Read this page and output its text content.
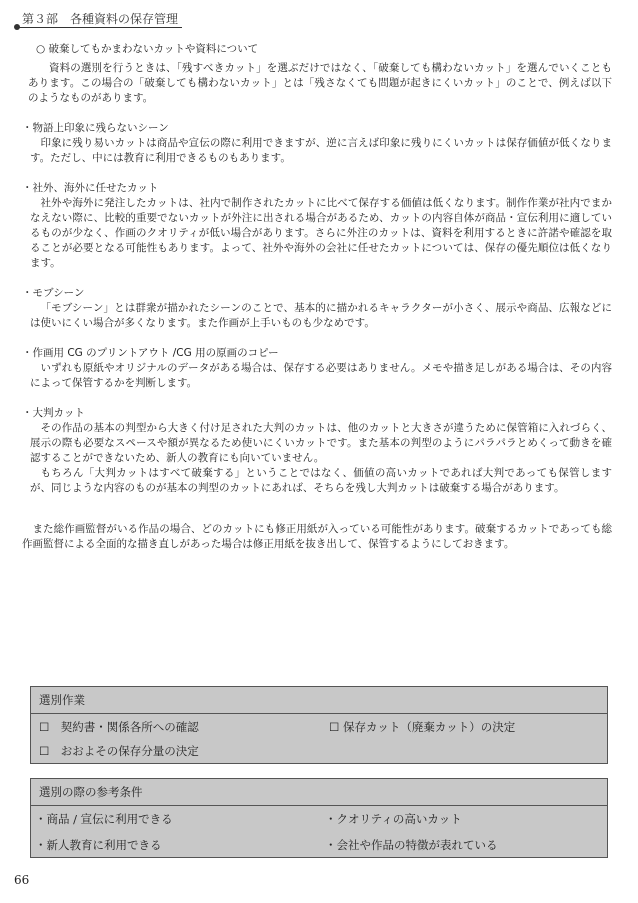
第３部　各種資料の保存管理

○ 破棄してもかまわないカットや資料について

資料の選別を行うときは、「残すべきカット」を選ぶだけではなく、「破棄しても構わないカット」を選んでいくこともあります。この場合の「破棄しても構わないカット」とは「残さなくても問題が起きにくいカット」のことで、例えば以下のようなものがあります。

・物語上印象に残らないシーン

印象に残り易いカットは商品や宣伝の際に利用できますが、逆に言えば印象に残りにくいカットは保存価値が低くなります。ただし、中には教育に利用できるものもあります。

・社外、海外に任せたカット

社外や海外に発注したカットは、社内で制作されたカットに比べて保存する価値は低くなります。制作作業が社内でまかなえない際に、比較的重要でないカットが外注に出される場合があるため、カットの内容自体が商品・宣伝利用に適しているものが少なく、作画のクオリティが低い場合があります。さらに外注のカットは、資料を利用するときに許諾や確認を取ることが必要となる可能性もあります。よって、社外や海外の会社に任せたカットについては、保存の優先順位は低くなります。

・モブシーン

「モブシーン」とは群衆が描かれたシーンのことで、基本的に描かれるキャラクターが小さく、展示や商品、広報などには使いにくい場合が多くなります。また作画が上手いものも少なめです。

・作画用 CG のプリントアウト /CG 用の原画のコピー

いずれも原紙やオリジナルのデータがある場合は、保存する必要はありません。メモや描き足しがある場合は、その内容によって保管するかを判断します。

・大判カット

その作品の基本の判型から大きく付け足された大判のカットは、他のカットと大きさが違うために保管箱に入れづらく、展示の際も必要なスペースや額が異なるため使いにくいカットです。また基本の判型のようにパラパラとめくって動きを確認することができないため、新人の教育にも向いていません。

もちろん「大判カットはすべて破棄する」ということではなく、価値の高いカットであれば大判であっても保管しますが、同じような内容のものが基本の判型のカットにあれば、そちらを残し大判カットは破棄する場合があります。

また総作画監督がいる作品の場合、どのカットにも修正用紙が入っている可能性があります。破棄するカットであっても総作画監督による全面的な描き直しがあった場合は修正用紙を抜き出して、保管するようにしておきます。

選別作業
☐　契約書・関係各所への確認	☐ 保存カット（廃棄カット）の決定
☐　おおよその保存分量の決定
選別の際の参考条件
・商品 / 宣伝に利用できる	・クオリティの高いカット
・新人教育に利用できる	・会社や作品の特徴が表れている
66
